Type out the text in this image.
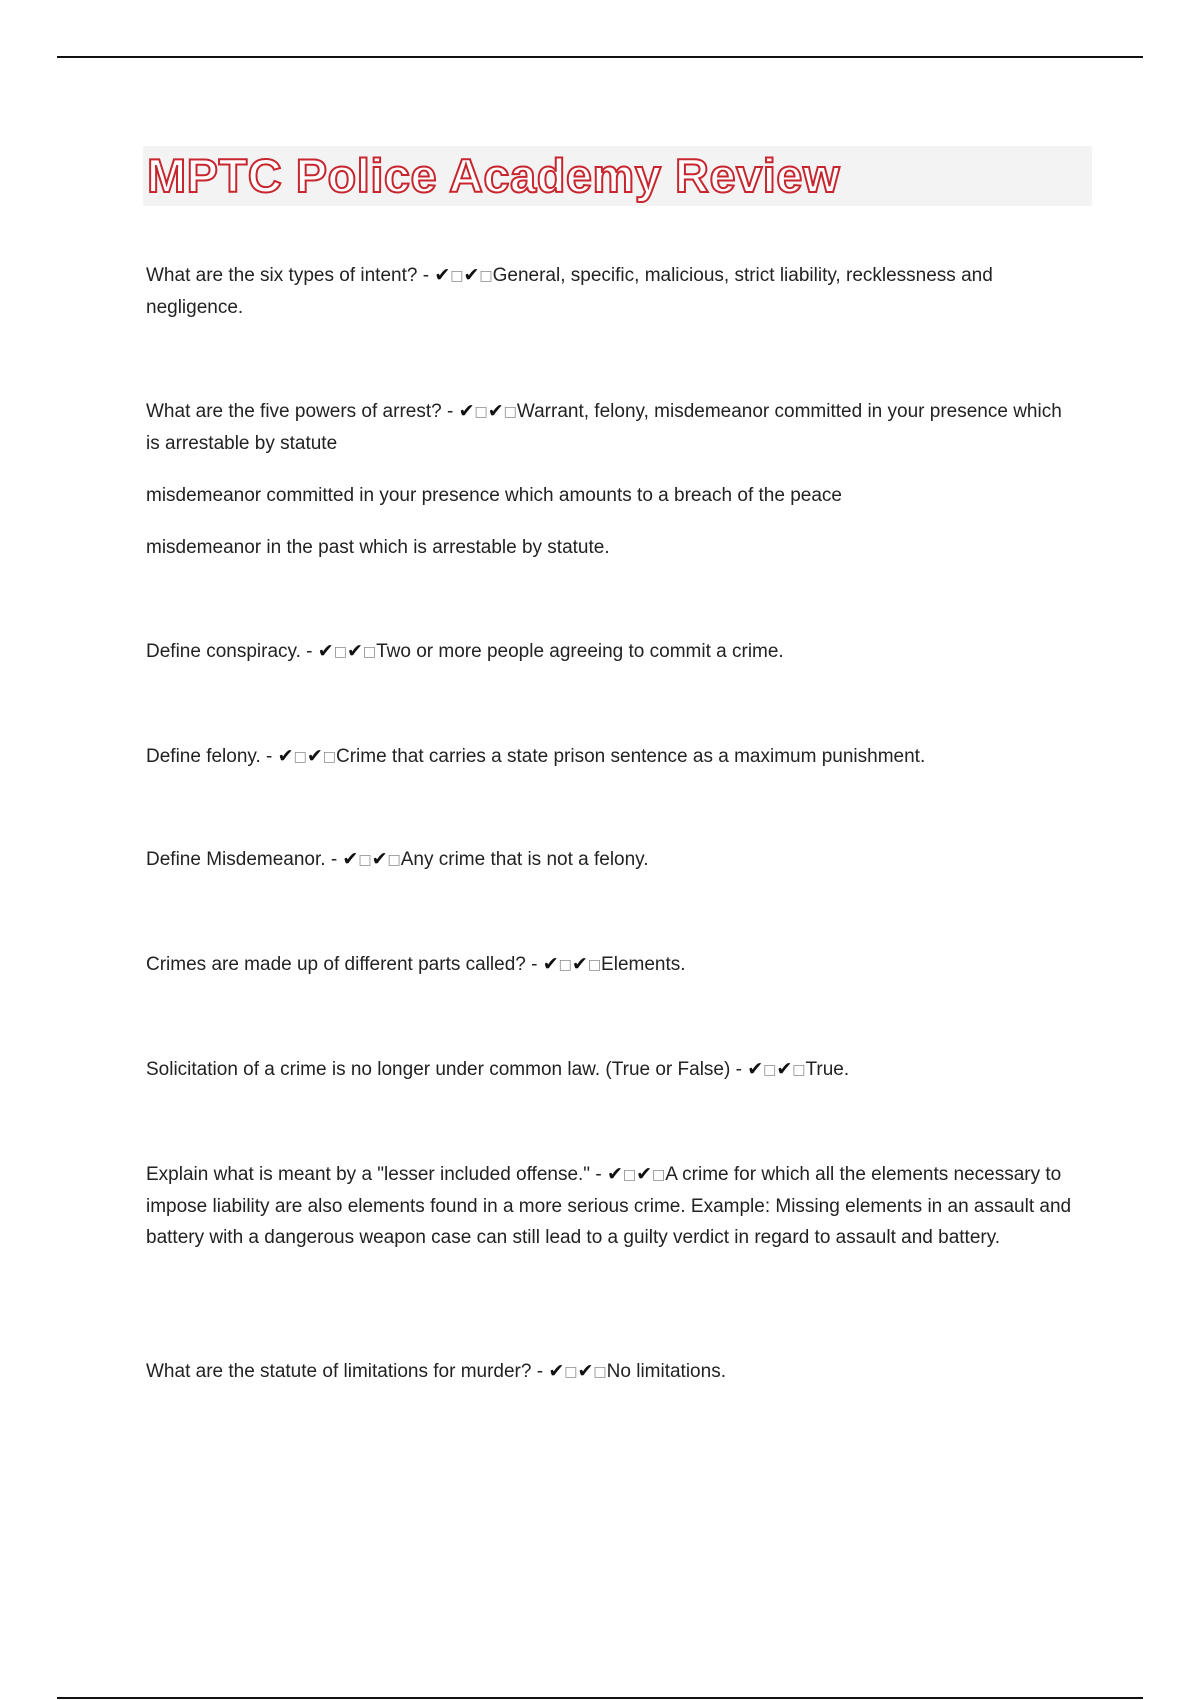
MPTC Police Academy Review

What are the six types of intent? - ✔□✔□General, specific, malicious, strict liability, recklessness and negligence.

What are the five powers of arrest? - ✔□✔□Warrant, felony, misdemeanor committed in your presence which is arrestable by statute

misdemeanor committed in your presence which amounts to a breach of the peace

misdemeanor in the past which is arrestable by statute.

Define conspiracy. - ✔□✔□Two or more people agreeing to commit a crime.

Define felony. - ✔□✔□Crime that carries a state prison sentence as a maximum punishment.

Define Misdemeanor. - ✔□✔□Any crime that is not a felony.

Crimes are made up of different parts called? - ✔□✔□Elements.

Solicitation of a crime is no longer under common law. (True or False) - ✔□✔□True.

Explain what is meant by a "lesser included offense." - ✔□✔□A crime for which all the elements necessary to impose liability are also elements found in a more serious crime. Example: Missing elements in an assault and battery with a dangerous weapon case can still lead to a guilty verdict in regard to assault and battery.

What are the statute of limitations for murder? - ✔□✔□No limitations.
